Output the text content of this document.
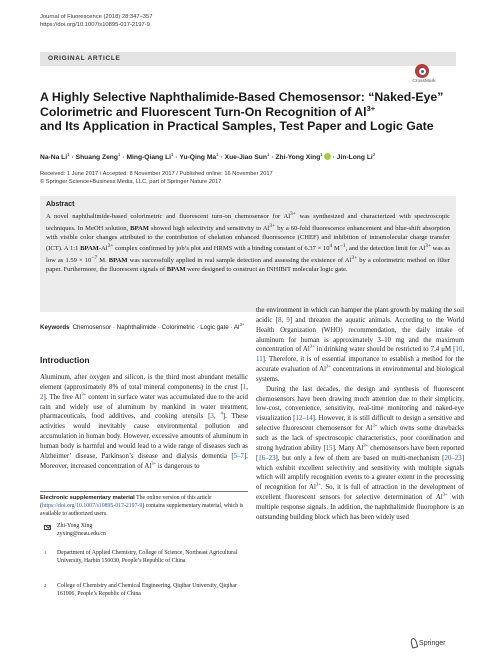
Journal of Fluorescence (2018) 28:347–357
https://doi.org/10.1007/s10895-017-2197-9
ORIGINAL ARTICLE
CrossMark
A Highly Selective Naphthalimide-Based Chemosensor: “Naked-Eye”
Colorimetric and Fluorescent Turn-On Recognition of $Al^{3+}$
and Its Application in Practical Samples, Test Paper and Logic Gate
Na-Na $Li^1$ · Shuang Zeng$^1$ · Ming-Qiang $Li^1$ · Yu-Qing $Ma^1$ · Xue-Jiao Sun$^1$ · Zhi-Yong Xing$^1$ · Jin-Long Li$^2$
Received: 1 June 2017 / Accepted: 8 November 2017 / Published online: 16 November 2017
© Springer Science+Business Media, LLC, part of Springer Nature 2017
Abstract
A novel naphthalimide-based colorimetric and fluorescent turn-on chemosensor for $Al^{3+}$ was synthesized and characterized with spectroscopic techniques. In MeOH solution, BPAM showed high selectivity and sensitivity to $Al^{3+}$ by a 60-fold fluorescence enhancement and blue-shift absorption with visible color changes attributed to the contribution of chelation enhanced fluorescence (CHEF) and inhibition of intramolecular charge transfer (ICT). A 1:1 BPAM-$Al^{3+}$ complex confirmed by job’s plot and HRMS with a binding constant of $6.37 \times 10^4$ $M^{-1}$, and the detection limit for $Al^{3+}$ was as low as $1.59 \times 10^{-7}$ M. BPAM was successfully applied in real sample detection and assessing the existence of $Al^{3+}$ by a colorimetric method on filter paper. Furthermore, the fluorescent signals of BPAM were designed to construct an INHIBIT molecular logic gate.
Keywords Chemosensor · Naphthalimide · Colorimetric · Logic gate · $Al^{3+}$
Introduction

Aluminum, after oxygen and silicon, is the third most abundant metallic element (approximately 8% of total mineral components) in the crust [1, 2]. The free $Al^{3+}$ content in surface water was accumulated due to the acid rain and widely use of aluminum by mankind in water treatment, pharmaceuticals, food additives, and cooking utensils [3, $^4$]. These activities would inevitably cause environmental pollution and accumulation in human body. However, excessive amounts of aluminum in human body is harmful and would lead to a wide range of diseases such as Alzheimer’ disease, Parkinson’s disease and dialysis dementia [5–7]. Moreover, increased concentration of $Al^{3+}$ is dangerous to

the environment in which can hamper the plant growth by making the soil acidic [8, 9] and threaten the aquatic animals. According to the World Health Organization (WHO) recommendation, the daily intake of aluminum for human is approximately 3–10 mg and the maximum concentration of $Al^{3+}$ in drinking water should be restricted to 7.4 μM [10, 11]. Therefore, it is of essential importance to establish a method for the accurate evaluation of $Al^{3+}$ concentrations in environmental and biological systems.

During the last decades, the design and synthesis of fluorescent chemosensors have been drawing much attention due to their simplicity, low-cost, convenience, sensitivity, real-time monitoring and naked-eye visualization [12–14]. However, it is still difficult to design a sensitive and selective fluorescent chemosensor for $Al^{3+}$ which owns some drawbacks such as the lack of spectroscopic characteristics, poor coordination and strong hydration ability [15]. Many $Al^{3+}$ chemosensors have been reported [16–23], but only a few of them are based on multi-mechanism [20–23] which exhibit excellent selectivity and sensitivity with multiple signals which will amplify recognition events to a greater extent in the processing of recognition for $Al^{3+}$. So, it is full of attraction in the development of excellent fluorescent sensors for selective determination of $Al^{3+}$ with multiple response signals. In addition, the naphthalimide fluorophore is an outstanding building block which has been widely used

Electronic supplementary material The online version of this article (https://doi.org/10.1007/s10895-017-2197-9) contains supplementary material, which is available to authorized users.
Zhi-Yong Xing
zyxing@neau.edu.cn
1 Department of Applied Chemistry, College of Science, Northeast Agricultural University, Harbin 150030, People’s Republic of China
2 College of Chemistry and Chemical Engineering, Qiqihar University, Qiqihar 161006, People’s Republic of China
Springer
